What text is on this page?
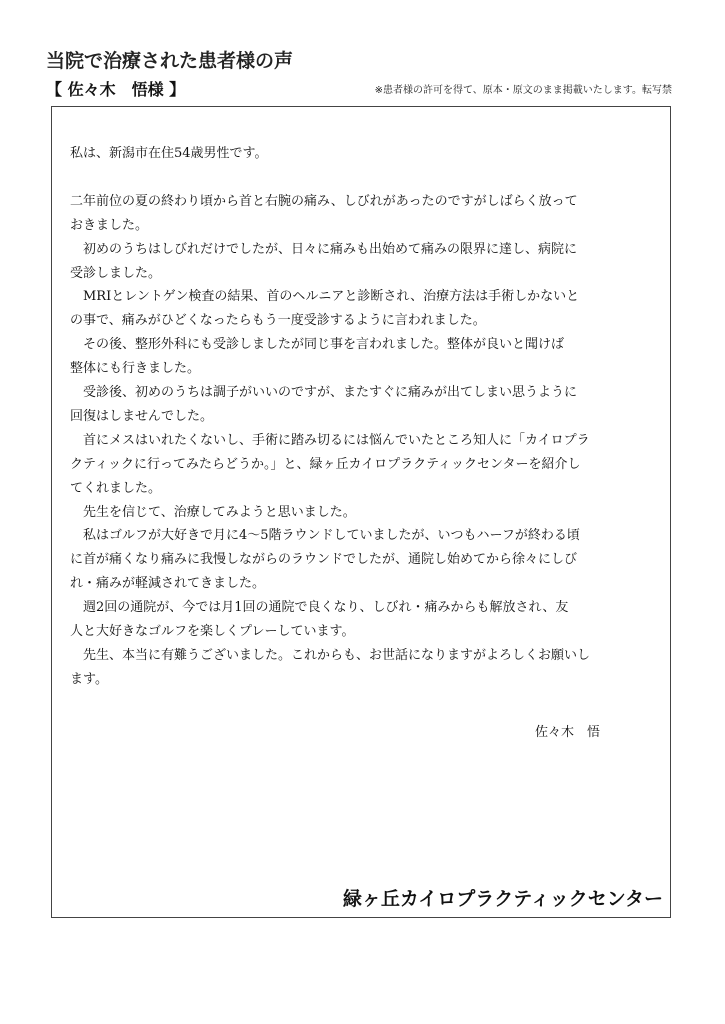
当院で治療された患者様の声
【 佐々木　悟様 】	※患者様の許可を得て、原本・原文のまま掲載いたします。転写禁

私は、新潟市在住54歳男性です。

二年前位の夏の終わり頃から首と右腕の痛み、しびれがあったのですがしばらく放って

おきました。

初めのうちはしびれだけでしたが、日々に痛みも出始めて痛みの限界に達し、病院に

受診しました。

MRIとレントゲン検査の結果、首のヘルニアと診断され、治療方法は手術しかないと

の事で、痛みがひどくなったらもう一度受診するように言われました。

その後、整形外科にも受診しましたが同じ事を言われました。整体が良いと聞けば

整体にも行きました。

受診後、初めのうちは調子がいいのですが、またすぐに痛みが出てしまい思うように

回復はしませんでした。

首にメスはいれたくないし、手術に踏み切るには悩んでいたところ知人に「カイロプラ

クティックに行ってみたらどうか。」と、緑ヶ丘カイロプラクティックセンターを紹介し

てくれました。

先生を信じて、治療してみようと思いました。

私はゴルフが大好きで月に4～5階ラウンドしていましたが、いつもハーフが終わる頃

に首が痛くなり痛みに我慢しながらのラウンドでしたが、通院し始めてから徐々にしび

れ・痛みが軽減されてきました。

週2回の通院が、今では月1回の通院で良くなり、しびれ・痛みからも解放され、友

人と大好きなゴルフを楽しくプレーしています。

先生、本当に有難うございました。これからも、お世話になりますがよろしくお願いし

ます。

佐々木　悟
緑ヶ丘カイロプラクティックセンター
